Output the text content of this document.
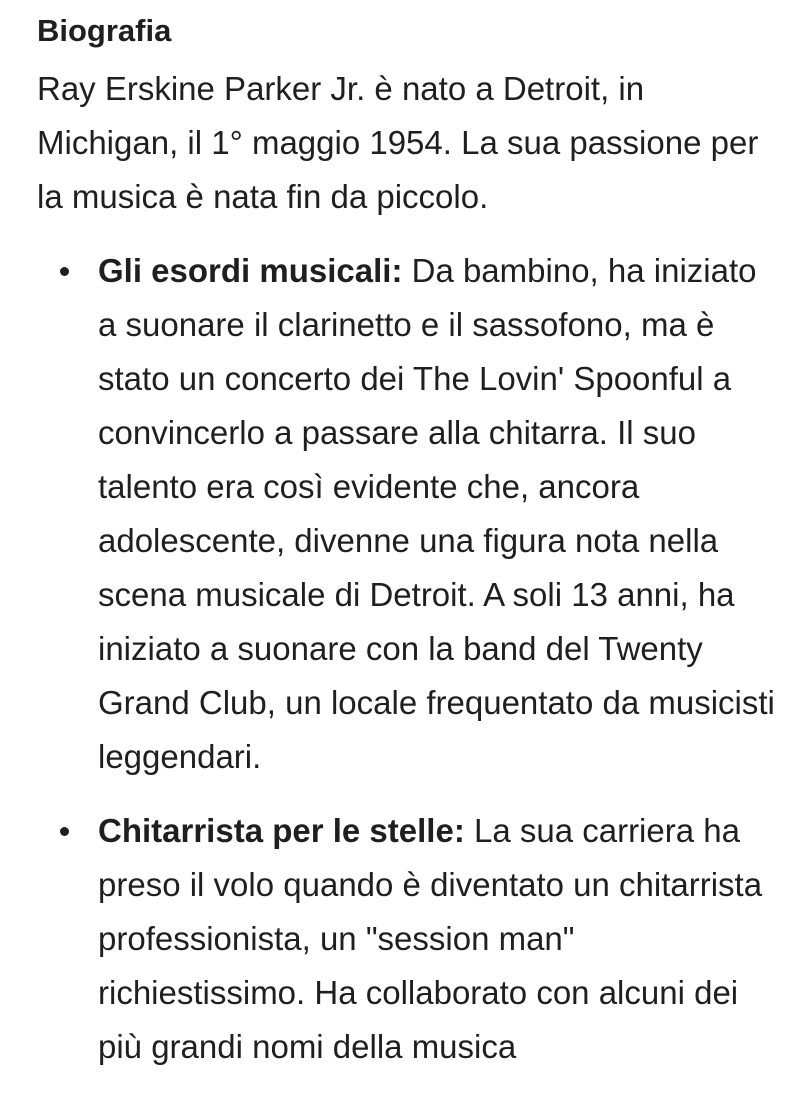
Biografia

Ray Erskine Parker Jr. è nato a Detroit, in Michigan, il 1° maggio 1954. La sua passione per la musica è nata fin da piccolo.

Gli esordi musicali: Da bambino, ha iniziato a suonare il clarinetto e il sassofono, ma è stato un concerto dei The Lovin' Spoonful a convincerlo a passare alla chitarra. Il suo talento era così evidente che, ancora adolescente, divenne una figura nota nella scena musicale di Detroit. A soli 13 anni, ha iniziato a suonare con la band del Twenty Grand Club, un locale frequentato da musicisti leggendari.
Chitarrista per le stelle: La sua carriera ha preso il volo quando è diventato un chitarrista professionista, un "session man" richiestissimo. Ha collaborato con alcuni dei più grandi nomi della musica
